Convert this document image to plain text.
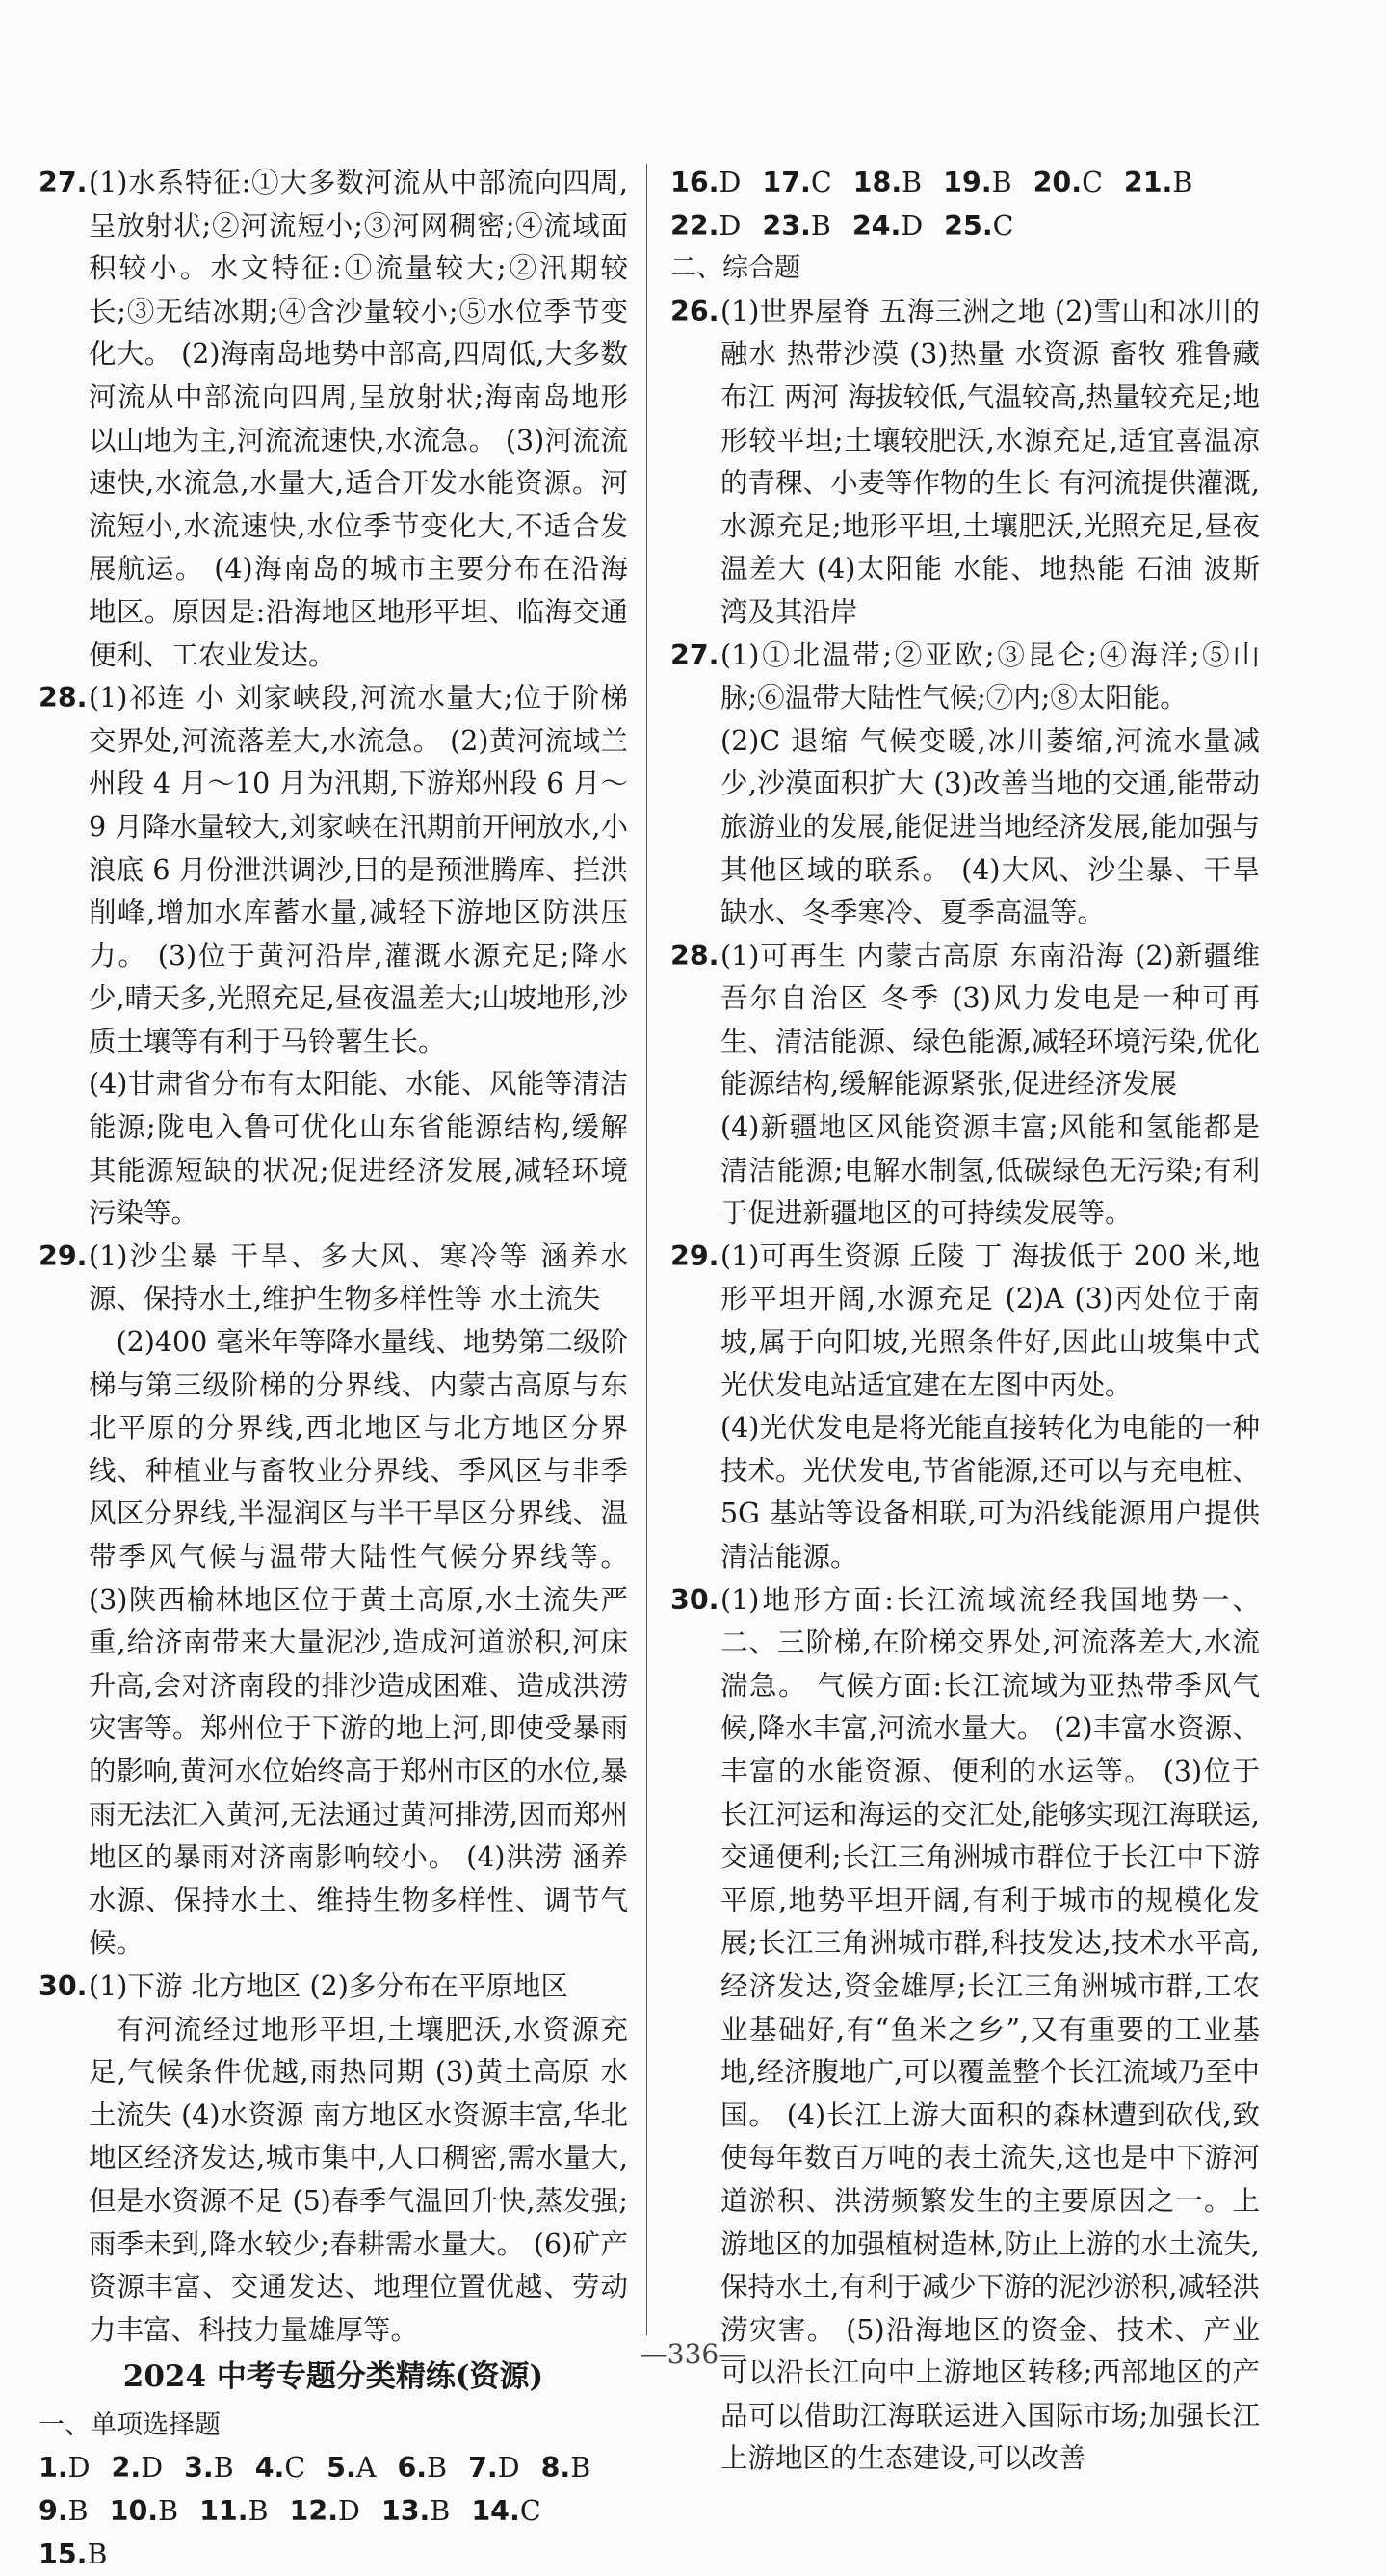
27. (1)水系特征:①大多数河流从中部流向四周,呈放射状;②河流短小;③河网稠密;④流域面积较小。水文特征:①流量较大;②汛期较长;③无结冰期;④含沙量较小;⑤水位季节变化大。 (2)海南岛地势中部高,四周低,大多数河流从中部流向四周,呈放射状;海南岛地形以山地为主,河流流速快,水流急。 (3)河流流速快,水流急,水量大,适合开发水能资源。河流短小,水流速快,水位季节变化大,不适合发展航运。 (4)海南岛的城市主要分布在沿海地区。原因是:沿海地区地形平坦、临海交通便利、工农业发达。

28. (1)祁连 小 刘家峡段,河流水量大;位于阶梯交界处,河流落差大,水流急。 (2)黄河流域兰州段 4 月～10 月为汛期,下游郑州段 6 月～9 月降水量较大,刘家峡在汛期前开闸放水,小浪底 6 月份泄洪调沙,目的是预泄腾库、拦洪削峰,增加水库蓄水量,减轻下游地区防洪压力。 (3)位于黄河沿岸,灌溉水源充足;降水少,晴天多,光照充足,昼夜温差大;山坡地形,沙质土壤等有利于马铃薯生长。
(4)甘肃省分布有太阳能、水能、风能等清洁能源;陇电入鲁可优化山东省能源结构,缓解其能源短缺的状况;促进经济发展,减轻环境污染等。

29. (1)沙尘暴 干旱、多大风、寒冷等 涵养水源、保持水土,维护生物多样性等 水土流失
(2)400 毫米年等降水量线、地势第二级阶梯与第三级阶梯的分界线、内蒙古高原与东北平原的分界线,西北地区与北方地区分界线、种植业与畜牧业分界线、季风区与非季风区分界线,半湿润区与半干旱区分界线、温带季风气候与温带大陆性气候分界线等。 (3)陕西榆林地区位于黄土高原,水土流失严重,给济南带来大量泥沙,造成河道淤积,河床升高,会对济南段的排沙造成困难、造成洪涝灾害等。郑州位于下游的地上河,即使受暴雨的影响,黄河水位始终高于郑州市区的水位,暴雨无法汇入黄河,无法通过黄河排涝,因而郑州地区的暴雨对济南影响较小。 (4)洪涝 涵养水源、保持水土、维持生物多样性、调节气候。

30. (1)下游 北方地区 (2)多分布在平原地区
有河流经过地形平坦,土壤肥沃,水资源充足,气候条件优越,雨热同期 (3)黄土高原 水土流失 (4)水资源 南方地区水资源丰富,华北地区经济发达,城市集中,人口稠密,需水量大,但是水资源不足 (5)春季气温回升快,蒸发强;雨季未到,降水较少;春耕需水量大。 (6)矿产资源丰富、交通发达、地理位置优越、劳动力丰富、科技力量雄厚等。

2024 中考专题分类精练(资源)

一、单项选择题

1.D 2.D 3.B 4.C 5.A 6.B 7.D 8.B
9.B 10.B 11.B 12.D 13.B 14.C
15.B
16.D 17.C 18.B 19.B 20.C 21.B
22.D 23.B 24.D 25.C

二、综合题

26. (1)世界屋脊 五海三洲之地 (2)雪山和冰川的融水 热带沙漠 (3)热量 水资源 畜牧 雅鲁藏布江 两河 海拔较低,气温较高,热量较充足;地形较平坦;土壤较肥沃,水源充足,适宜喜温凉的青稞、小麦等作物的生长 有河流提供灌溉,水源充足;地形平坦,土壤肥沃,光照充足,昼夜温差大 (4)太阳能 水能、地热能 石油 波斯湾及其沿岸

27. (1)①北温带;②亚欧;③昆仑;④海洋;⑤山脉;⑥温带大陆性气候;⑦内;⑧太阳能。
(2)C 退缩 气候变暖,冰川萎缩,河流水量减少,沙漠面积扩大 (3)改善当地的交通,能带动旅游业的发展,能促进当地经济发展,能加强与其他区域的联系。 (4)大风、沙尘暴、干旱缺水、冬季寒冷、夏季高温等。

28. (1)可再生 内蒙古高原 东南沿海 (2)新疆维吾尔自治区 冬季 (3)风力发电是一种可再生、清洁能源、绿色能源,减轻环境污染,优化能源结构,缓解能源紧张,促进经济发展
(4)新疆地区风能资源丰富;风能和氢能都是清洁能源;电解水制氢,低碳绿色无污染;有利于促进新疆地区的可持续发展等。

29. (1)可再生资源 丘陵 丁 海拔低于 200 米,地形平坦开阔,水源充足 (2)A (3)丙处位于南坡,属于向阳坡,光照条件好,因此山坡集中式光伏发电站适宜建在左图中丙处。
(4)光伏发电是将光能直接转化为电能的一种技术。光伏发电,节省能源,还可以与充电桩、5G 基站等设备相联,可为沿线能源用户提供清洁能源。

30. (1)地形方面:长江流域流经我国地势一、二、三阶梯,在阶梯交界处,河流落差大,水流湍急。 气候方面:长江流域为亚热带季风气候,降水丰富,河流水量大。 (2)丰富水资源、丰富的水能资源、便利的水运等。 (3)位于长江河运和海运的交汇处,能够实现江海联运,交通便利;长江三角洲城市群位于长江中下游平原,地势平坦开阔,有利于城市的规模化发展;长江三角洲城市群,科技发达,技术水平高,经济发达,资金雄厚;长江三角洲城市群,工农业基础好,有“鱼米之乡”,又有重要的工业基地,经济腹地广,可以覆盖整个长江流域乃至中国。 (4)长江上游大面积的森林遭到砍伐,致使每年数百万吨的表土流失,这也是中下游河道淤积、洪涝频繁发生的主要原因之一。上游地区的加强植树造林,防止上游的水土流失,保持水土,有利于减少下游的泥沙淤积,减轻洪涝灾害。 (5)沿海地区的资金、技术、产业可以沿长江向中上游地区转移;西部地区的产品可以借助江海联运进入国际市场;加强长江上游地区的生态建设,可以改善

—336—
